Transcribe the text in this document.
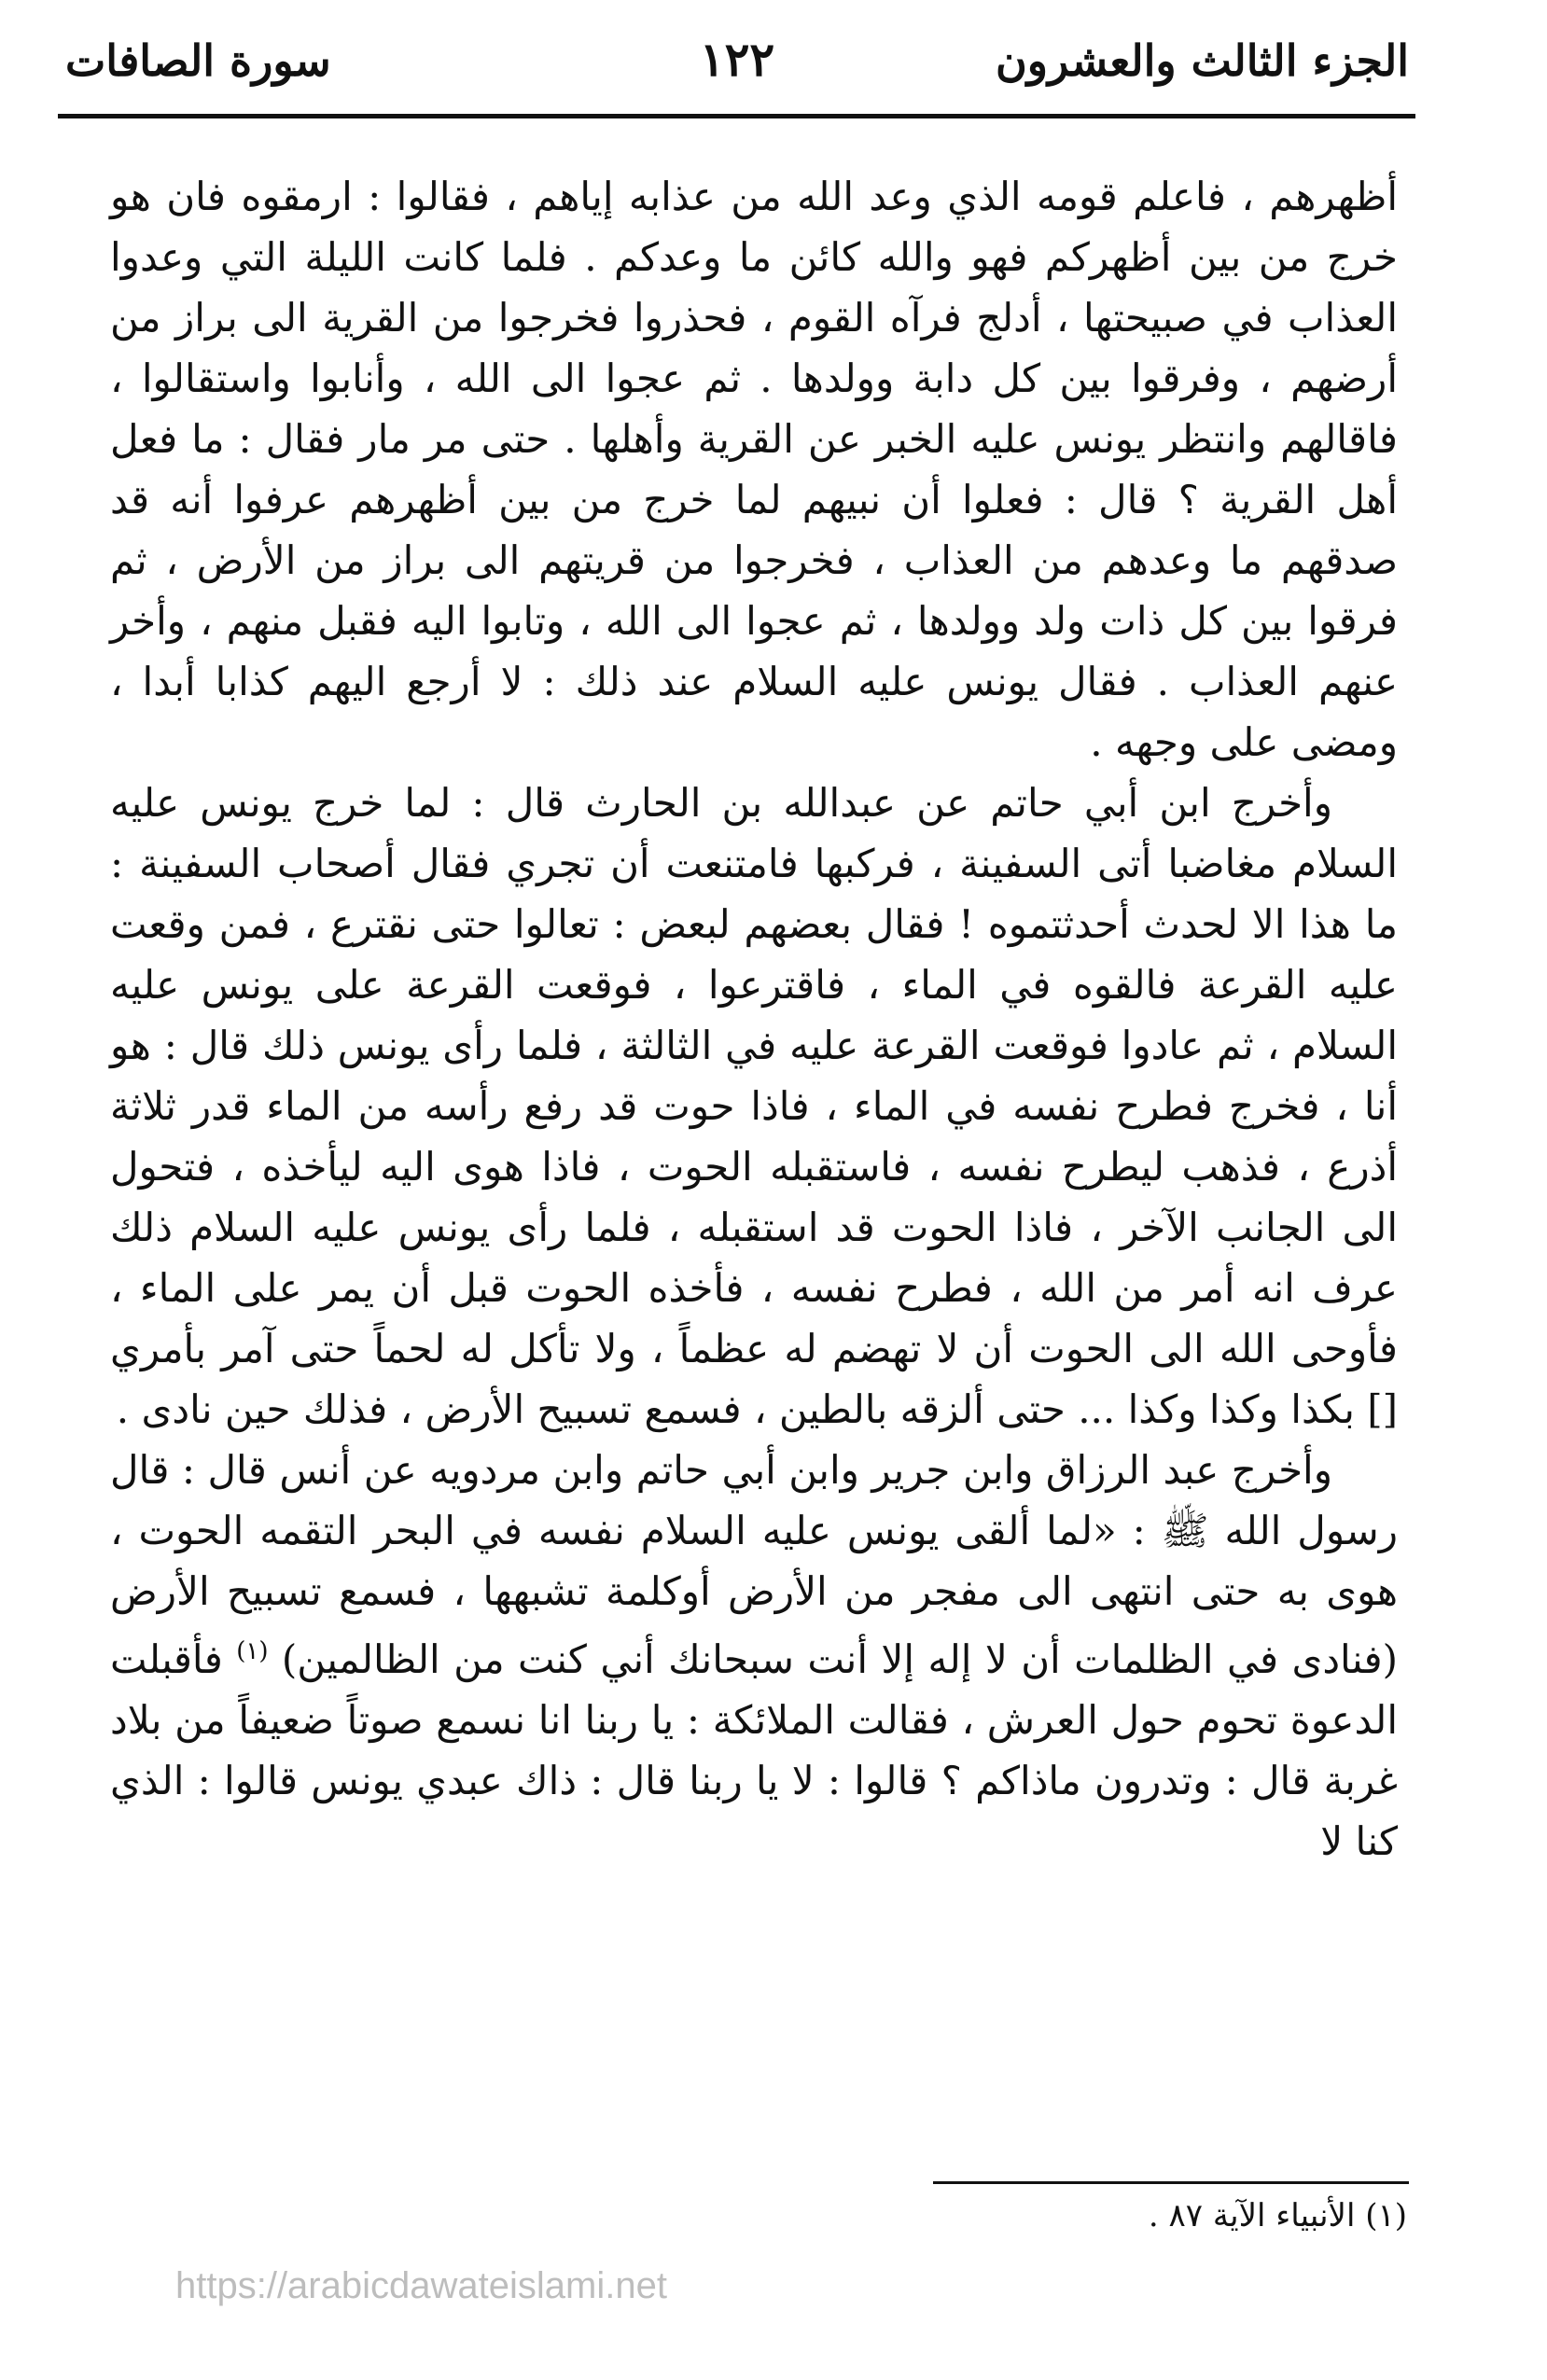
الجزء الثالث والعشرون
١٢٢
سورة الصافات

أظهرهم ، فاعلم قومه الذي وعد الله من عذابه إياهم ، فقالوا : ارمقوه فان هو خرج من بين أظهركم فهو والله كائن ما وعدكم . فلما كانت الليلة التي وعدوا العذاب في صبيحتها ، أدلج فرآه القوم ، فحذروا فخرجوا من القرية الى براز من أرضهم ، وفرقوا بين كل دابة وولدها . ثم عجوا الى الله ، وأنابوا واستقالوا ، فاقالهم وانتظر يونس عليه الخبر عن القرية وأهلها . حتى مر مار فقال : ما فعل أهل القرية ؟ قال : فعلوا أن نبيهم لما خرج من بين أظهرهم عرفوا أنه قد صدقهم ما وعدهم من العذاب ، فخرجوا من قريتهم الى براز من الأرض ، ثم فرقوا بين كل ذات ولد وولدها ، ثم عجوا الى الله ، وتابوا اليه فقبل منهم ، وأخر عنهم العذاب . فقال يونس عليه السلام عند ذلك : لا أرجع اليهم كذابا أبدا ، ومضى على وجهه .

وأخرج ابن أبي حاتم عن عبدالله بن الحارث قال : لما خرج يونس عليه السلام مغاضبا أتى السفينة ، فركبها فامتنعت أن تجري فقال أصحاب السفينة : ما هذا الا لحدث أحدثتموه ! فقال بعضهم لبعض : تعالوا حتى نقترع ، فمن وقعت عليه القرعة فالقوه في الماء ، فاقترعوا ، فوقعت القرعة على يونس عليه السلام ، ثم عادوا فوقعت القرعة عليه في الثالثة ، فلما رأى يونس ذلك قال : هو أنا ، فخرج فطرح نفسه في الماء ، فاذا حوت قد رفع رأسه من الماء قدر ثلاثة أذرع ، فذهب ليطرح نفسه ، فاستقبله الحوت ، فاذا هوى اليه ليأخذه ، فتحول الى الجانب الآخر ، فاذا الحوت قد استقبله ، فلما رأى يونس عليه السلام ذلك عرف انه أمر من الله ، فطرح نفسه ، فأخذه الحوت قبل أن يمر على الماء ، فأوحى الله الى الحوت أن لا تهضم له عظماً ، ولا تأكل له لحماً حتى آمر بأمري [] بكذا وكذا وكذا ... حتى ألزقه بالطين ، فسمع تسبيح الأرض ، فذلك حين نادى .

وأخرج عبد الرزاق وابن جرير وابن أبي حاتم وابن مردويه عن أنس قال : قال رسول الله ﷺ : «لما ألقى يونس عليه السلام نفسه في البحر التقمه الحوت ، هوى به حتى انتهى الى مفجر من الأرض أوكلمة تشبهها ، فسمع تسبيح الأرض (فنادى في الظلمات أن لا إله إلا أنت سبحانك أني كنت من الظالمين) $^{(١)}$ فأقبلت الدعوة تحوم حول العرش ، فقالت الملائكة : يا ربنا انا نسمع صوتاً ضعيفاً من بلاد غربة قال : وتدرون ماذاكم ؟ قالوا : لا يا ربنا قال : ذاك عبدي يونس قالوا : الذي كنا لا

(١) الأنبياء الآية ٨٧ .
https://arabicdawateislami.net
